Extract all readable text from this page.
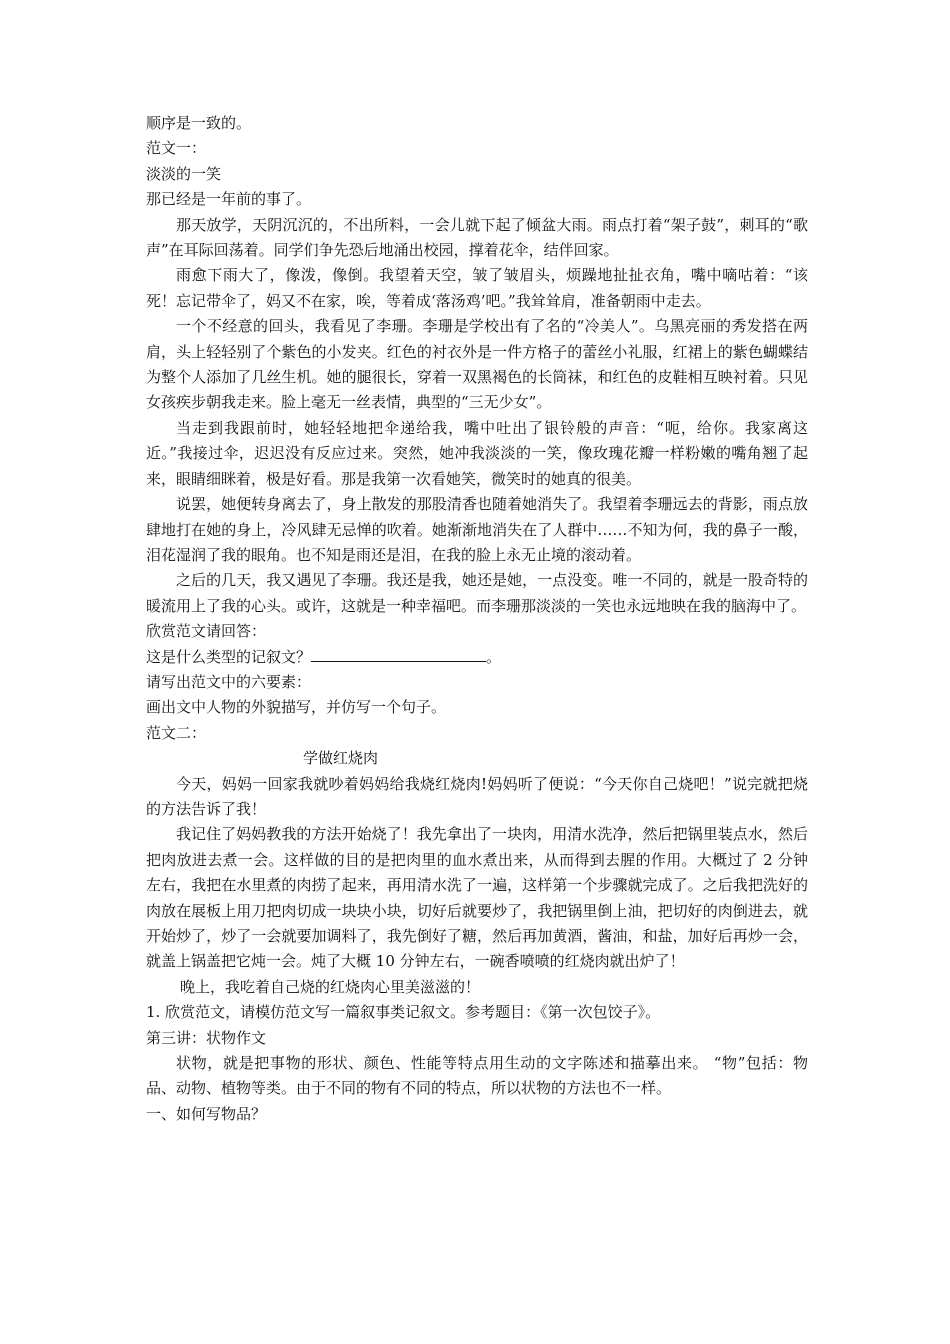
顺序是一致的。

范文一：

淡淡的一笑

那已经是一年前的事了。

那天放学，天阴沉沉的，不出所料，一会儿就下起了倾盆大雨。雨点打着“架子鼓”，刺耳的“歌声”在耳际回荡着。同学们争先恐后地涌出校园，撑着花伞，结伴回家。

雨愈下雨大了，像泼，像倒。我望着天空，皱了皱眉头，烦躁地扯扯衣角，嘴中嘀咕着：“该死！忘记带伞了，妈又不在家，唉，等着成‘落汤鸡’吧。”我耸耸肩，准备朝雨中走去。

一个不经意的回头，我看见了李珊。李珊是学校出有了名的“冷美人”。乌黑亮丽的秀发搭在两肩，头上轻轻别了个紫色的小发夹。红色的衬衣外是一件方格子的蕾丝小礼服，红裙上的紫色蝴蝶结为整个人添加了几丝生机。她的腿很长，穿着一双黑褐色的长筒袜，和红色的皮鞋相互映衬着。只见女孩疾步朝我走来。脸上毫无一丝表情，典型的“三无少女”。

当走到我跟前时，她轻轻地把伞递给我，嘴中吐出了银铃般的声音：“呃，给你。我家离这近。”我接过伞，迟迟没有反应过来。突然，她冲我淡淡的一笑，像玫瑰花瓣一样粉嫩的嘴角翘了起来，眼睛细眯着，极是好看。那是我第一次看她笑，微笑时的她真的很美。

说罢，她便转身离去了，身上散发的那股清香也随着她消失了。我望着李珊远去的背影，雨点放肆地打在她的身上，冷风肆无忌惮的吹着。她渐渐地消失在了人群中……不知为何，我的鼻子一酸，泪花湿润了我的眼角。也不知是雨还是泪，在我的脸上永无止境的滚动着。

之后的几天，我又遇见了李珊。我还是我，她还是她，一点没变。唯一不同的，就是一股奇特的暖流用上了我的心头。或许，这就是一种幸福吧。而李珊那淡淡的一笑也永远地映在我的脑海中了。

欣赏范文请回答：

这是什么类型的记叙文？	。

请写出范文中的六要素：

画出文中人物的外貌描写，并仿写一个句子。

范文二：

学做红烧肉

今天，妈妈一回家我就吵着妈妈给我烧红烧肉!妈妈听了便说：“今天你自己烧吧！”说完就把烧的方法告诉了我！

我记住了妈妈教我的方法开始烧了！我先拿出了一块肉，用清水洗净，然后把锅里装点水，然后把肉放进去煮一会。这样做的目的是把肉里的血水煮出来，从而得到去腥的作用。大概过了 2 分钟左右，我把在水里煮的肉捞了起来，再用清水洗了一遍，这样第一个步骤就完成了。之后我把洗好的肉放在展板上用刀把肉切成一块块小块，切好后就要炒了，我把锅里倒上油，把切好的肉倒进去，就开始炒了，炒了一会就要加调料了，我先倒好了糖，然后再加黄酒，酱油，和盐，加好后再炒一会，就盖上锅盖把它炖一会。炖了大概 10 分钟左右，一碗香喷喷的红烧肉就出炉了！

晚上，我吃着自己烧的红烧肉心里美滋滋的！

1. 欣赏范文，请模仿范文写一篇叙事类记叙文。参考题目：《第一次包饺子》。

第三讲：状物作文

状物，就是把事物的形状、颜色、性能等特点用生动的文字陈述和描摹出来。 “物”包括：物品、动物、植物等类。由于不同的物有不同的特点，所以状物的方法也不一样。

一、如何写物品？
